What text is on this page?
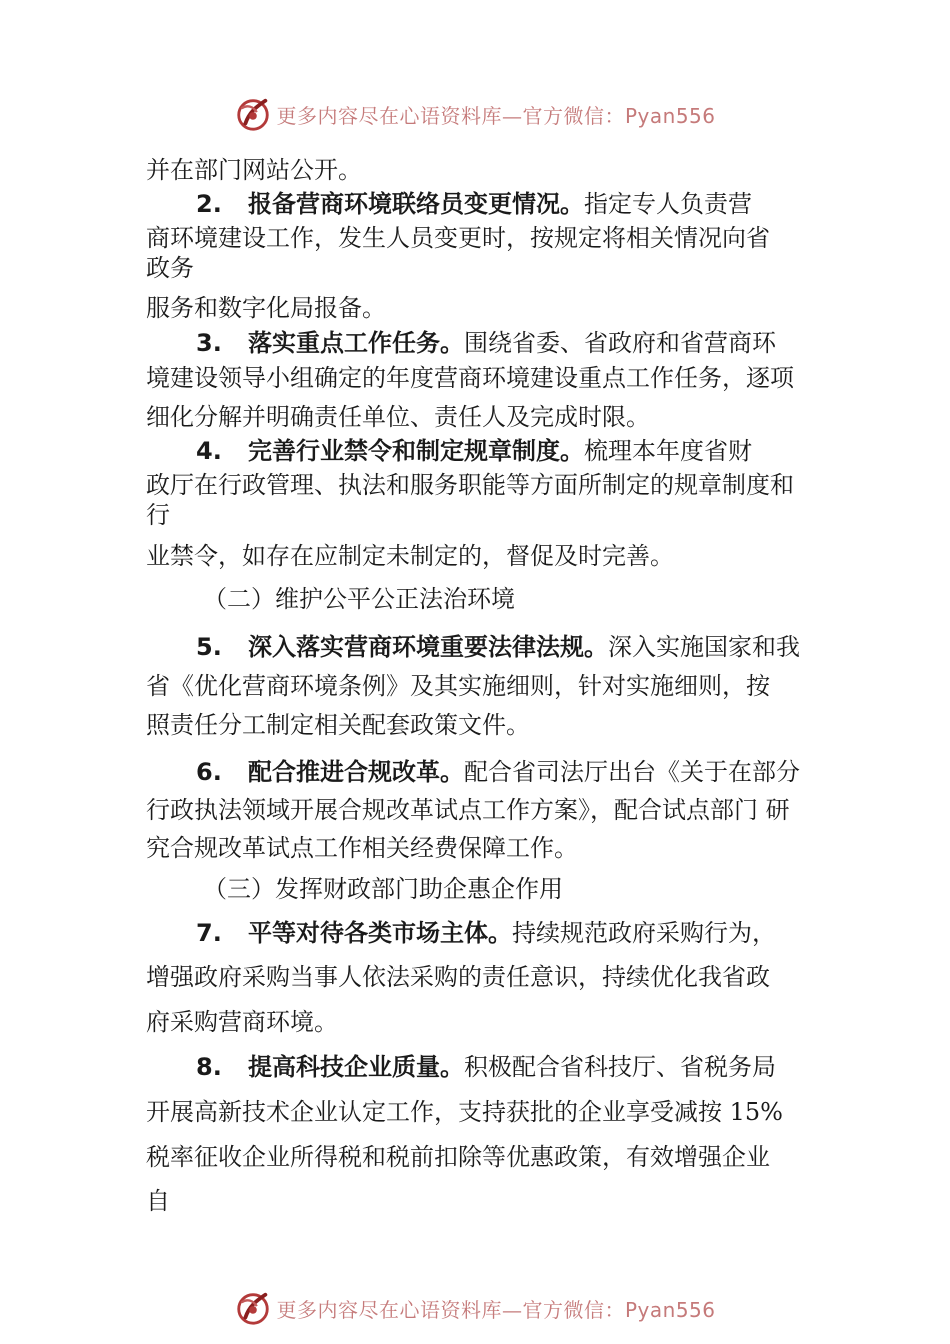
更多内容尽在心语资料库—官方微信：Pyan556
并在部门网站公开。
2. 报备营商环境联络员变更情况。指定专人负责营
商环境建设工作，发生人员变更时，按规定将相关情况向省
政务
服务和数字化局报备。
3. 落实重点工作任务。围绕省委、省政府和省营商环
境建设领导小组确定的年度营商环境建设重点工作任务，逐项
细化分解并明确责任单位、责任人及完成时限。
4. 完善行业禁令和制定规章制度。梳理本年度省财
政厅在行政管理、执法和服务职能等方面所制定的规章制度和
行
业禁令，如存在应制定未制定的，督促及时完善。
（二）维护公平公正法治环境
5. 深入落实营商环境重要法律法规。深入实施国家和我
省《优化营商环境条例》及其实施细则，针对实施细则，按
照责任分工制定相关配套政策文件。
6. 配合推进合规改革。配合省司法厅出台《关于在部分
行政执法领域开展合规改革试点工作方案》，配合试点部门 研
究合规改革试点工作相关经费保障工作。
（三）发挥财政部门助企惠企作用
7. 平等对待各类市场主体。持续规范政府采购行为，
增强政府采购当事人依法采购的责任意识，持续优化我省政
府采购营商环境。
8. 提高科技企业质量。积极配合省科技厅、省税务局
开展高新技术企业认定工作，支持获批的企业享受减按 15%
税率征收企业所得税和税前扣除等优惠政策，有效增强企业
自
更多内容尽在心语资料库—官方微信：Pyan556
